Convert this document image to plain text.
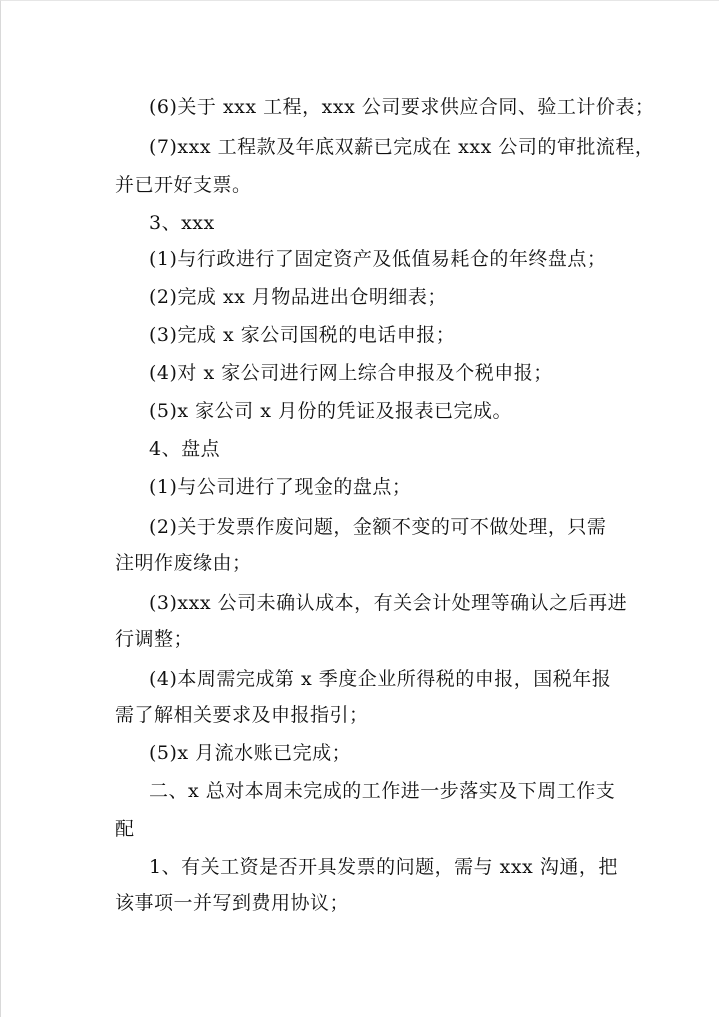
(6)关于 xxx 工程，xxx 公司要求供应合同、验工计价表；
(7)xxx 工程款及年底双薪已完成在 xxx 公司的审批流程，
并已开好支票。
3、xxx
(1)与行政进行了固定资产及低值易耗仓的年终盘点；
(2)完成 xx 月物品进出仓明细表；
(3)完成 x 家公司国税的电话申报；
(4)对 x 家公司进行网上综合申报及个税申报；
(5)x 家公司 x 月份的凭证及报表已完成。
4、盘点
(1)与公司进行了现金的盘点；
(2)关于发票作废问题，金额不变的可不做处理，只需
注明作废缘由；
(3)xxx 公司未确认成本，有关会计处理等确认之后再进
行调整；
(4)本周需完成第 x 季度企业所得税的申报，国税年报
需了解相关要求及申报指引；
(5)x 月流水账已完成；
二、x 总对本周未完成的工作进一步落实及下周工作支
配
1、有关工资是否开具发票的问题，需与 xxx 沟通，把
该事项一并写到费用协议；
